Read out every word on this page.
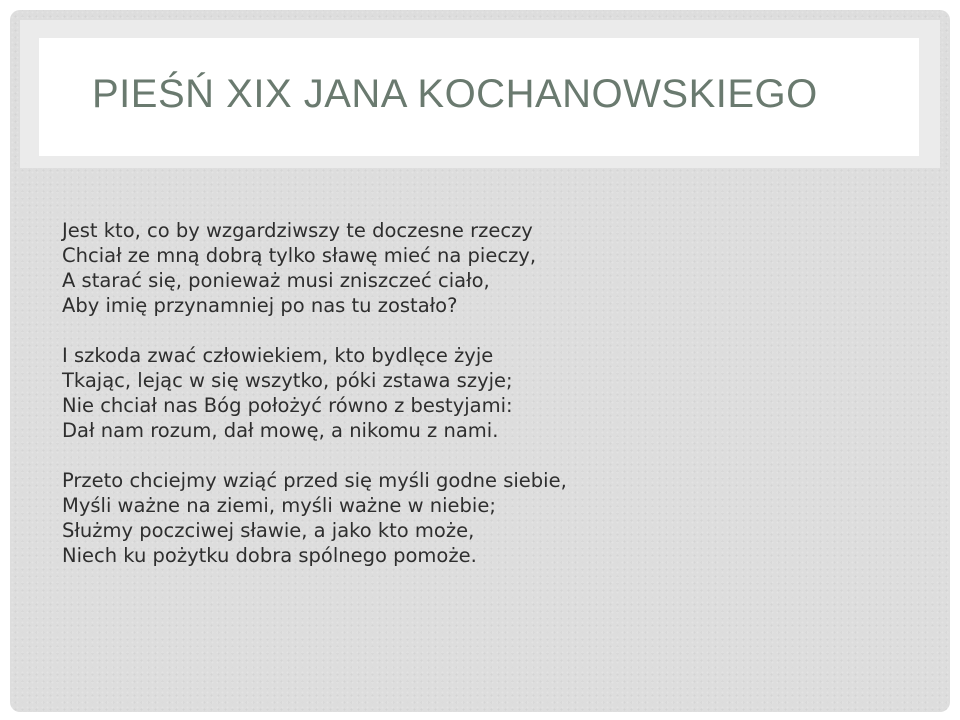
PIEŚŃ XIX JANA KOCHANOWSKIEGO

Jest kto, co by wzgardziwszy te doczesne rzeczy
Chciał ze mną dobrą tylko sławę mieć na pieczy,
A starać się, ponieważ musi zniszczeć ciało,
Aby imię przynamniej po nas tu zostało?

I szkoda zwać człowiekiem, kto bydlęce żyje
Tkając, lejąc w się wszytko, póki zstawa szyje;
Nie chciał nas Bóg położyć równo z bestyjami:
Dał nam rozum, dał mowę, a nikomu z nami.

Przeto chciejmy wziąć przed się myśli godne siebie,
Myśli ważne na ziemi, myśli ważne w niebie;
Służmy poczciwej sławie, a jako kto może,
Niech ku pożytku dobra spólnego pomoże.
